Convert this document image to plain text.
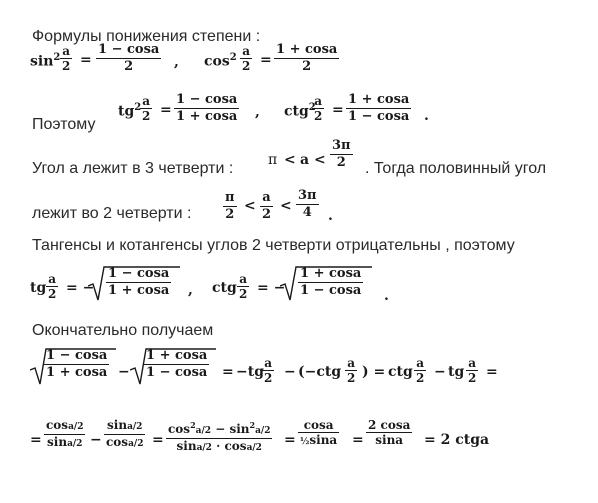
Формулы понижения степени :
$\sin^2 a$
2 =
1 − cosa
2	, $\cos^2 a$
2 =
1 + cosa
2
Поэтому
$tg^2$ a
2 =
1 − cosa
1 + cosa , ctg$^2$
a
2 =
1 + cosa
1 − cosa .
Угол a лежит в 3 четверти : π < a <
3π
2 . Тогда половинный угол
лежит во 2 четверти :
π
2
<
a
2
<
3π
4 .
Тангенсы и котангенсы углов 2 четверти отрицательны , поэтому
tg
a
2 = −
1 − cosa
1 + cosa , ctg
a
2 = −
1 + cosa
1 − cosa .
Окончательно получаем
1 − cosa
1 + cosa −
1 + cosa
1 − cosa = −tg
a
2 − (−ctg
a
2 ) = ctg
a
2 − tg
a
2 =
=
cosa/2
sina/2 −
sina/2
cosa/2 =
$\cos^2a/2 - \sin^2a/2$
sina/2 · cosa/2 =
cosa
½sina =
2 cosa
sina = 2 ctga
